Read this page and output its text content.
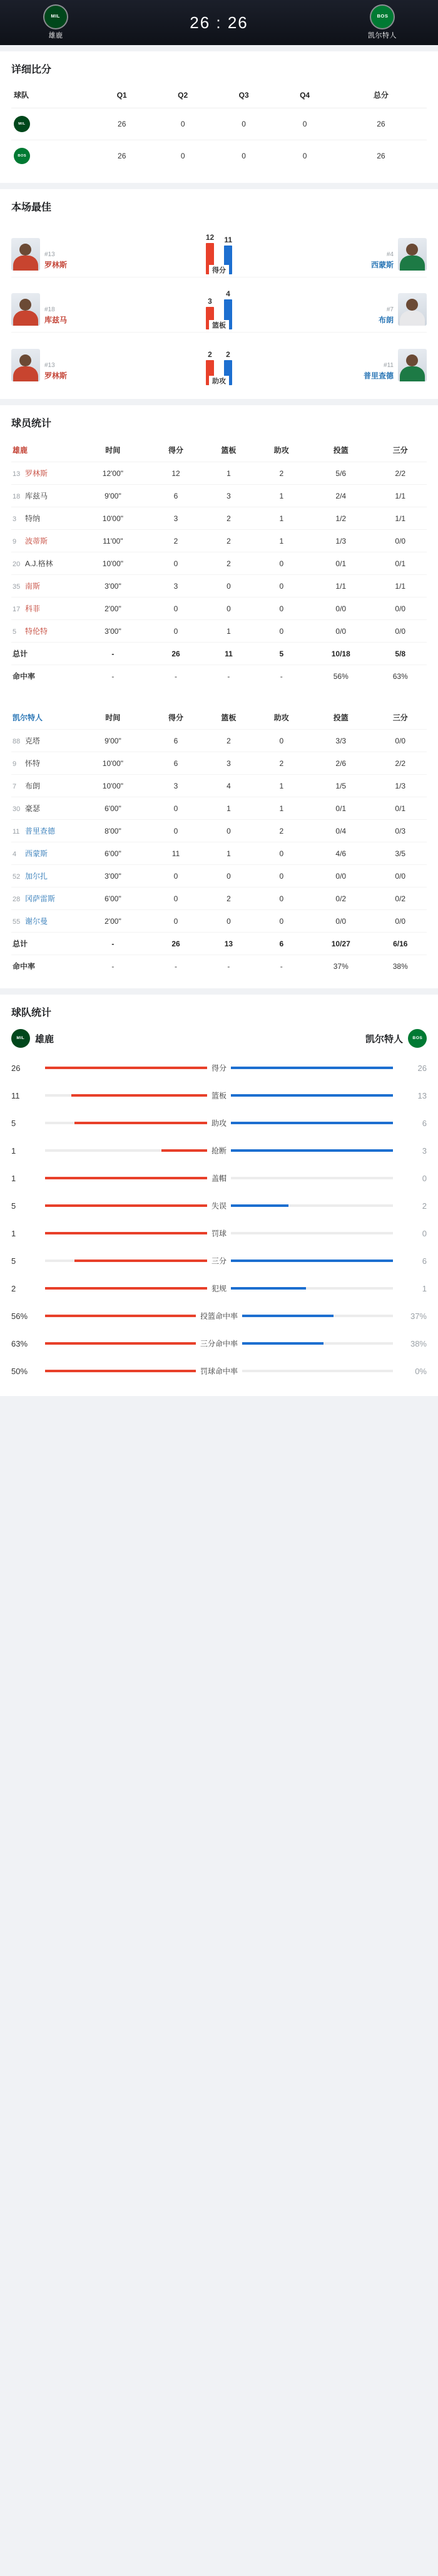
MIL
雄鹿
26 : 26	BOS
凯尔特人
详细比分
球队	Q1	Q2	Q3	Q4	总分

MIL	26	0	0	0	26

BOS	26	0	0	0	26
本场最佳
#13
罗林斯
12 11
得分
#4
西蒙斯
#18
库兹马
3
4
篮板
#7
布朗
#13
罗林斯
2 2
助攻
#11
普里查德
球员统计
雄鹿	时间	得分	篮板	助攻	投篮	三分
13 罗林斯	12'00"	12	1	2	5/6	2/2
18 库兹马	9'00"	6	3	1	2/4	1/1
3 特纳	10'00"	3	2	1	1/2	1/1
9 波蒂斯	11'00"	2	2	1	1/3	0/0
20 A.J.格林	10'00"	0	2	0	0/1	0/1
35 南斯	3'00"	3	0	0	1/1	1/1
17 科菲	2'00"	0	0	0	0/0	0/0
5 特伦特	3'00"	0	1	0	0/0	0/0
总计	-	26	11	5	10/18	5/8
命中率	-	-	-	-	56%	63%
凯尔特人	时间	得分	篮板	助攻	投篮	三分
88 克塔	9'00"	6	2	0	3/3	0/0
9 怀特	10'00"	6	3	2	2/6	2/2
7 布朗	10'00"	3	4	1	1/5	1/3
30 豪瑟	6'00"	0	1	1	0/1	0/1
11 普里查德	8'00"	0	0	2	0/4	0/3
4 西蒙斯	6'00"	11	1	0	4/6	3/5
52 加尔扎	3'00"	0	0	0	0/0	0/0
28 冈萨雷斯	6'00"	0	2	0	0/2	0/2
55 谢尔曼	2'00"	0	0	0	0/0	0/0
总计	-	26	13	6	10/27	6/16
命中率	-	-	-	-	37%	38%
球队统计
MIL 雄鹿	凯尔特人 BOS
26	得分	26
11	篮板	13
5	助攻	6
1	抢断	3
1	盖帽	0
5	失误	2
1	罚球	0
5	三分	6
2	犯规	1
56%	投篮命中率	37%
63%	三分命中率	38%
50%	罚球命中率	0%
